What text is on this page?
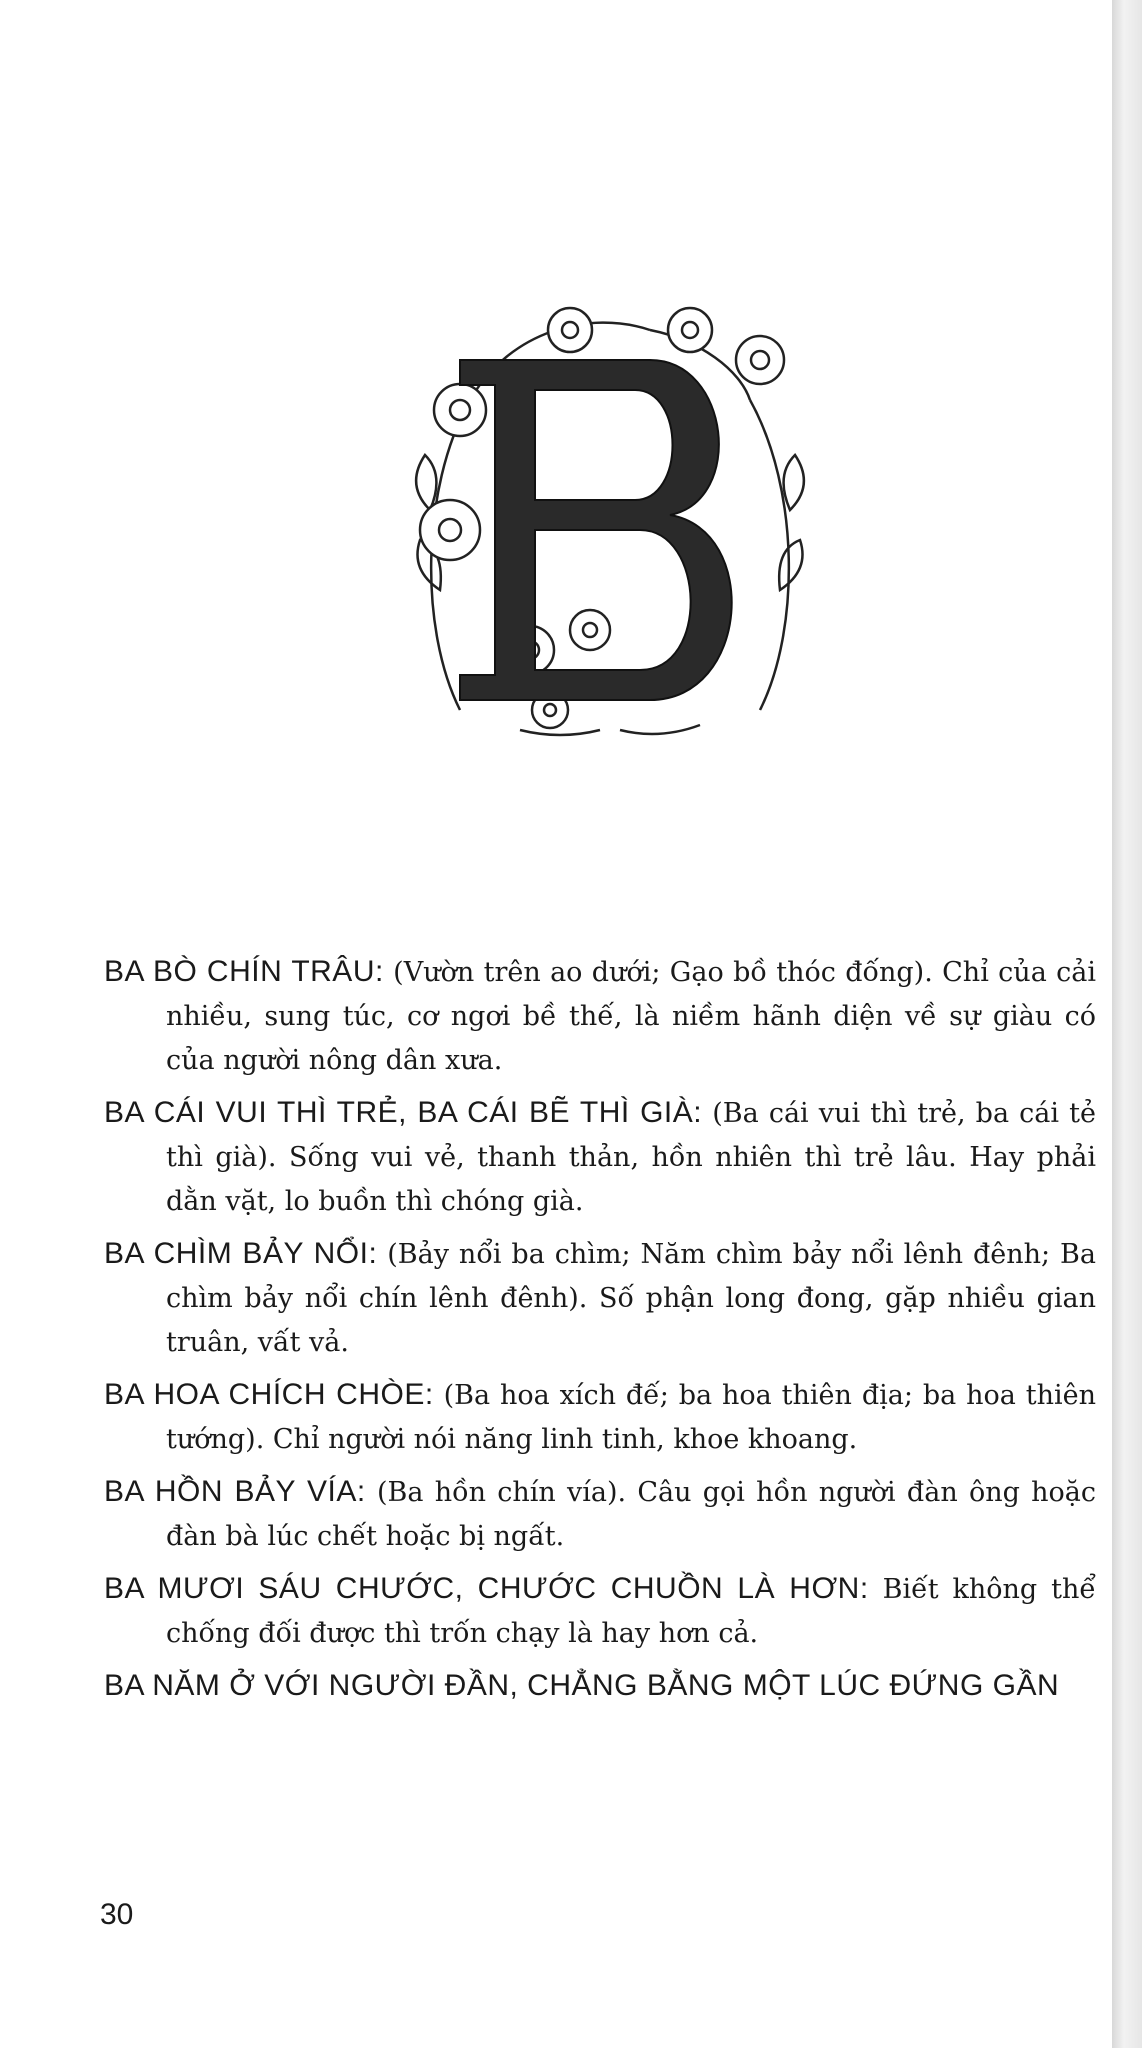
BA BÒ CHÍN TRÂU: (Vườn trên ao dưới; Gạo bồ thóc đống). Chỉ của cải nhiều, sung túc, cơ ngơi bề thế, là niềm hãnh diện về sự giàu có của người nông dân xưa.

BA CÁI VUI THÌ TRẺ, BA CÁI BẼ THÌ GIÀ: (Ba cái vui thì trẻ, ba cái tẻ thì già). Sống vui vẻ, thanh thản, hồn nhiên thì trẻ lâu. Hay phải dằn vặt, lo buồn thì chóng già.

BA CHÌM BẢY NỔI: (Bảy nổi ba chìm; Năm chìm bảy nổi lênh đênh; Ba chìm bảy nổi chín lênh đênh). Số phận long đong, gặp nhiều gian truân, vất vả.

BA HOA CHÍCH CHÒE: (Ba hoa xích đế; ba hoa thiên địa; ba hoa thiên tướng). Chỉ người nói năng linh tinh, khoe khoang.

BA HỒN BẢY VÍA: (Ba hồn chín vía). Câu gọi hồn người đàn ông hoặc đàn bà lúc chết hoặc bị ngất.

BA MƯƠI SÁU CHƯỚC, CHƯỚC CHUỒN LÀ HƠN: Biết không thể chống đối được thì trốn chạy là hay hơn cả.

BA NĂM Ở VỚI NGƯỜI ĐẦN, CHẲNG BẰNG MỘT LÚC ĐỨNG GẦN

30
